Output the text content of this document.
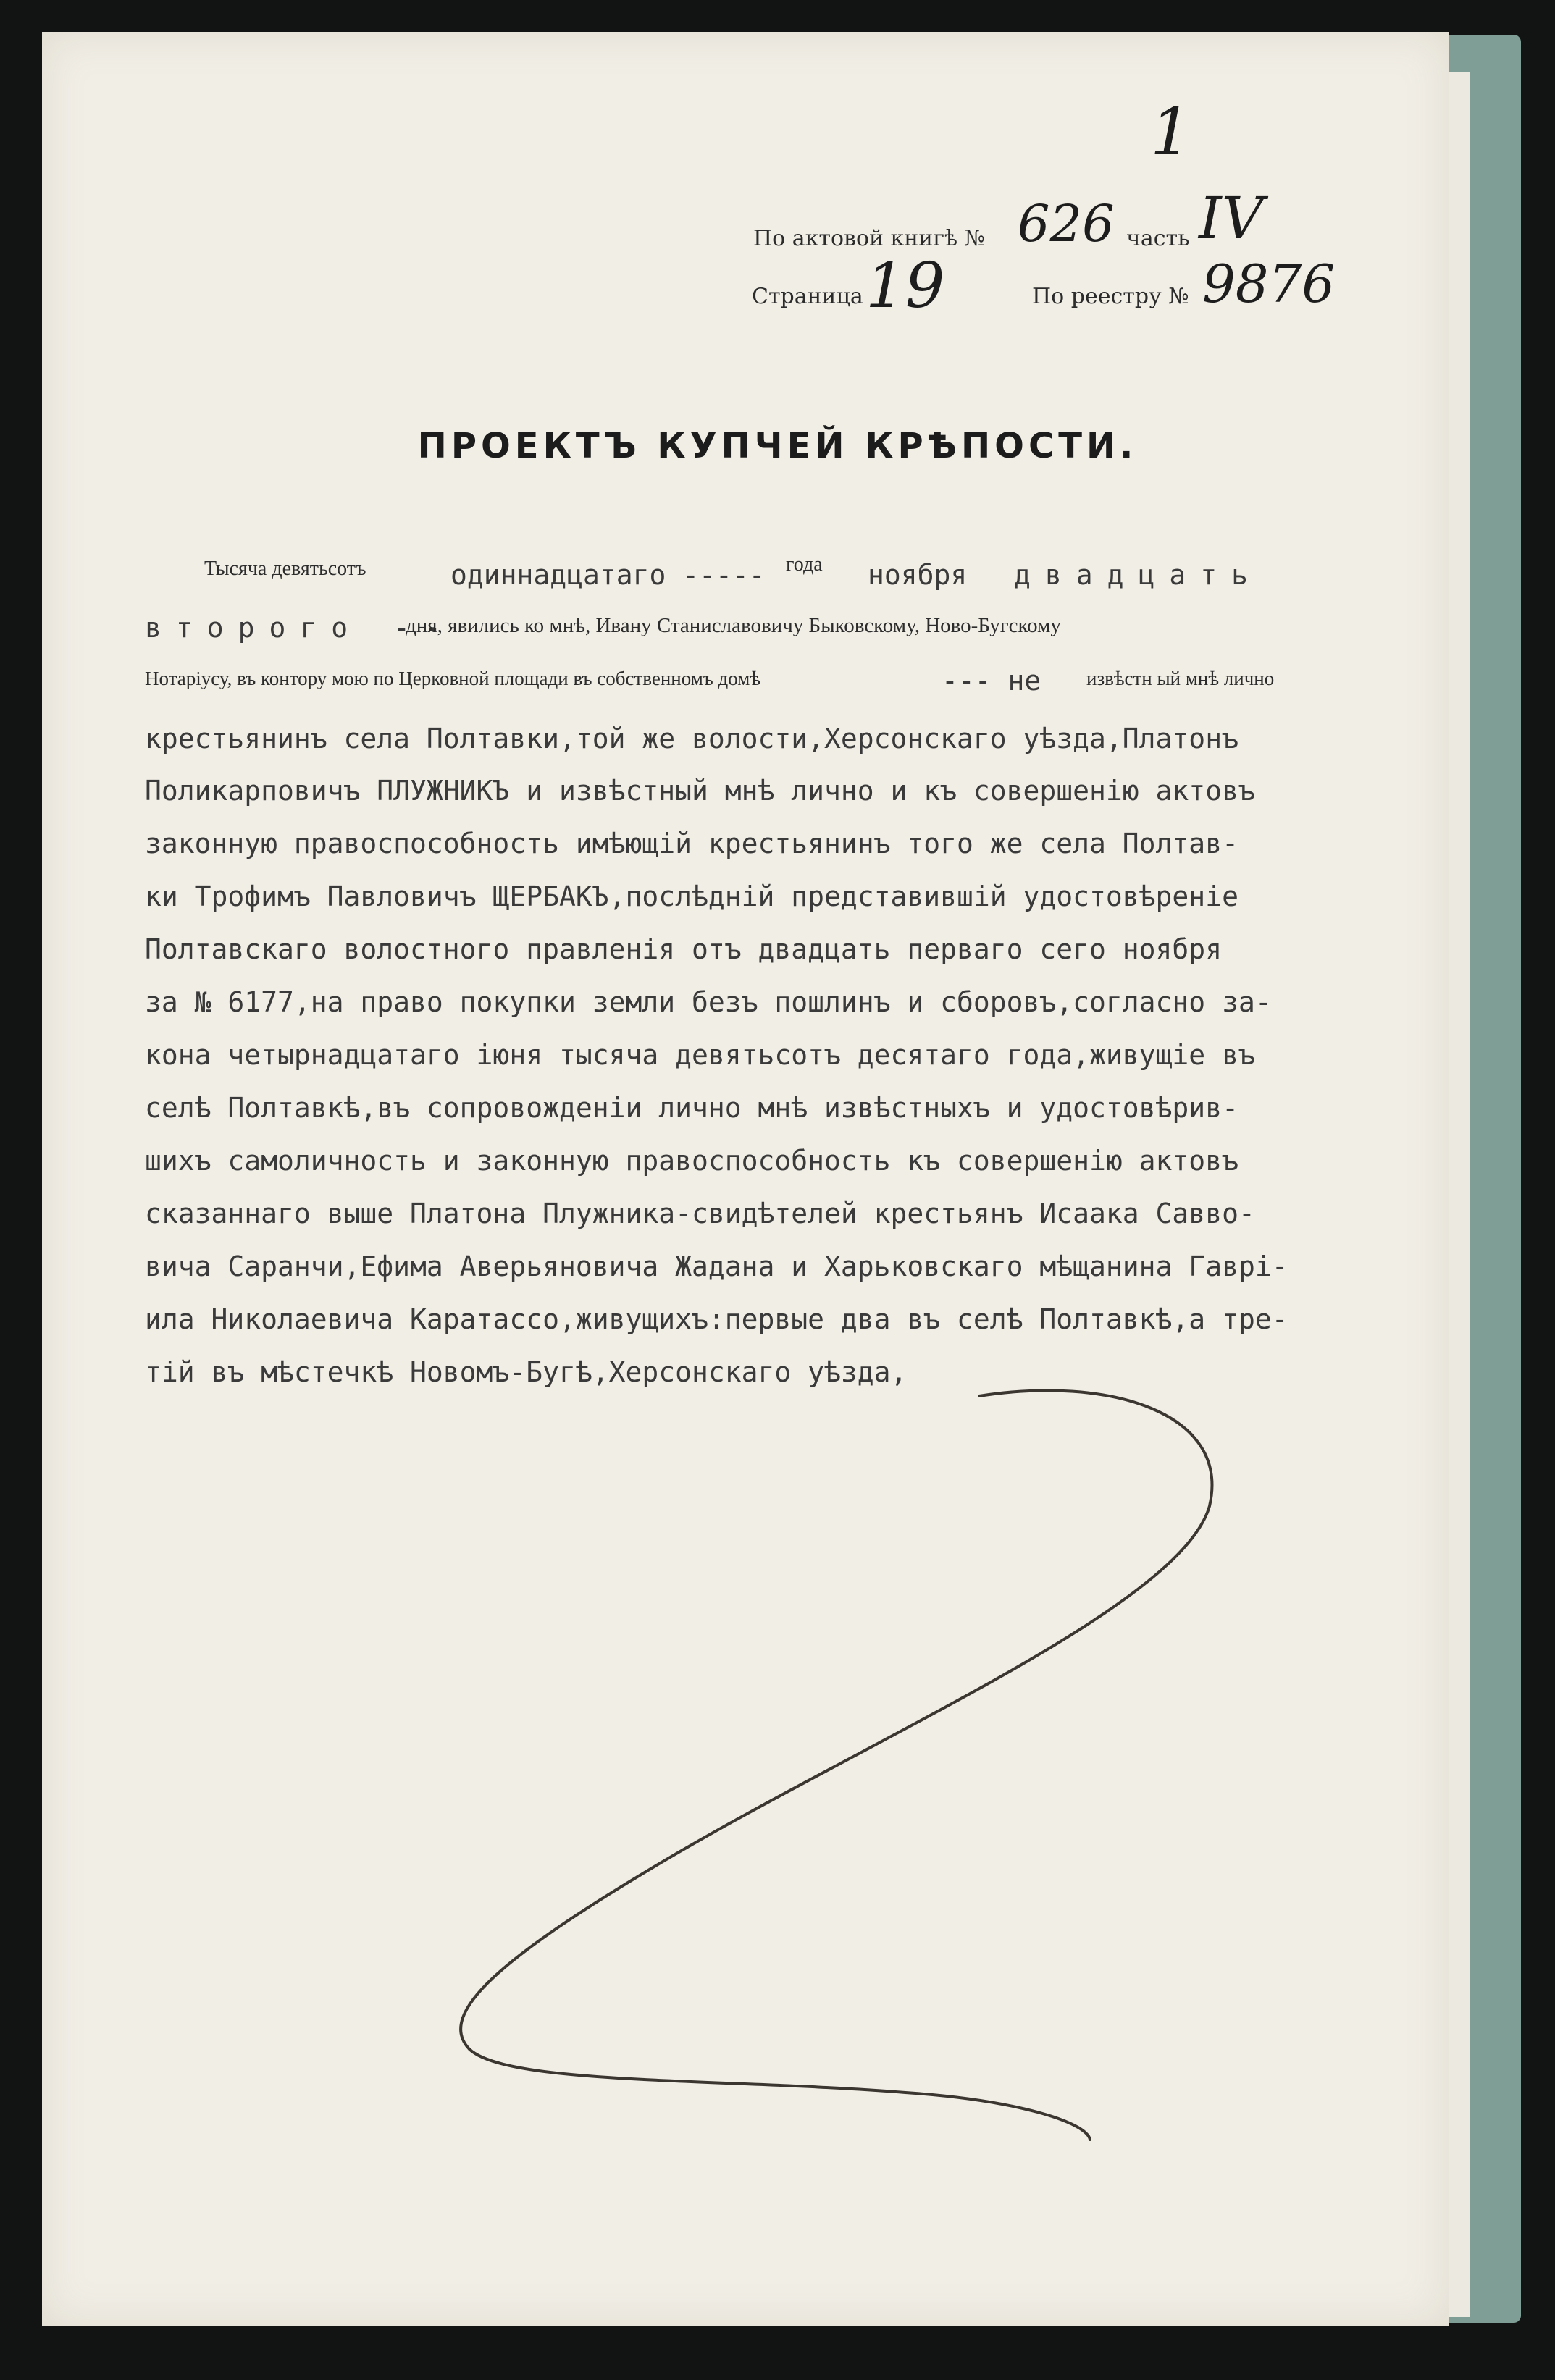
1
По актовой книгѣ № 626 часть IV
Страница 19	По реестру № 9876
ПРОЕКТЪ КУПЧЕЙ КРѢПОСТИ.
Тысяча девятьсотъ	одиннадцатаго ----- года ноября двадцать
второго --
дня, явились ко мнѣ, Ивану Станиславовичу Быковскому, Ново-Бугскому
Нотаріусу, въ контору мою по Церковной площади въ собственномъ домѣ	--- не извѣстн ый мнѣ лично
крестьянинъ села Полтавки,той же волости,Херсонскаго уѣзда,Платонъ
Поликарповичъ ПЛУЖНИКЪ и извѣстный мнѣ лично и къ совершенію актовъ
законную правоспособность имѣющій крестьянинъ того же села Полтав-
ки Трофимъ Павловичъ ЩЕРБАКЪ,послѣдній представившій удостовѣреніе
Полтавскаго волостного правленія отъ двадцать перваго сего ноября
за № 6177,на право покупки земли безъ пошлинъ и сборовъ,согласно за-
кона четырнадцатаго іюня тысяча девятьсотъ десятаго года,живущіе въ
селѣ Полтавкѣ,въ сопровожденіи лично мнѣ извѣстныхъ и удостовѣрив-
шихъ самоличность и законную правоспособность къ совершенію актовъ
сказаннаго выше Платона Плужника-свидѣтелей крестьянъ Исаака Савво-
вича Саранчи,Ефима Аверьяновича Жадана и Харьковскаго мѣщанина Гаврі-
ила Николаевича Каратассо,живущихъ:первые два въ селѣ Полтавкѣ,а тре-
тій въ мѣстечкѣ Новомъ-Бугѣ,Херсонскаго уѣзда,
